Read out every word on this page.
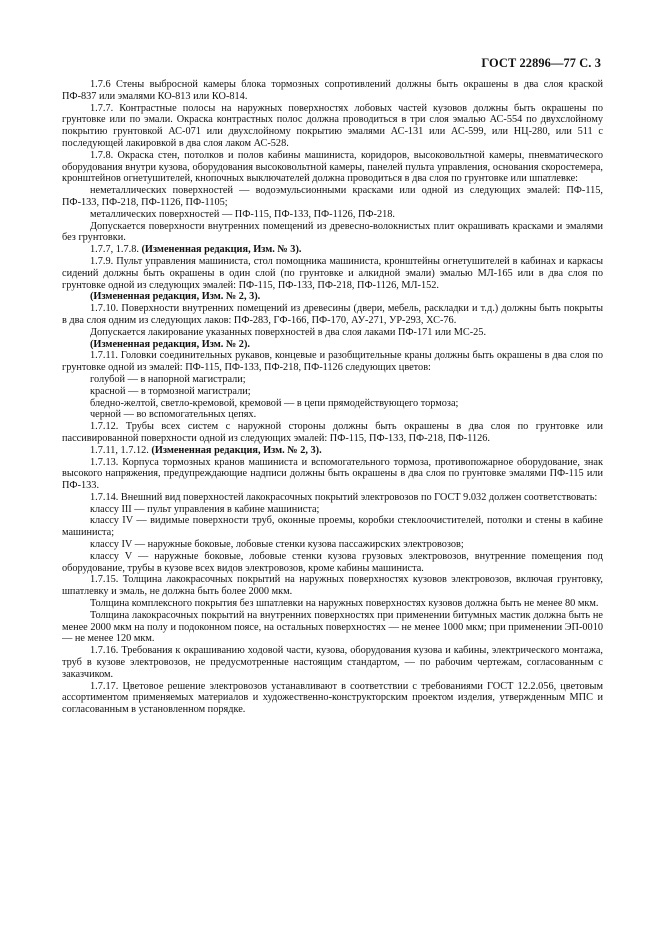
ГОСТ 22896—77 С. 3

1.7.6 Стены выбросной камеры блока тормозных сопротивлений должны быть окрашены в два слоя краской ПФ-837 или эмалями КО-813 или КО-814.

1.7.7. Контрастные полосы на наружных поверхностях лобовых частей кузовов должны быть окрашены по грунтовке или по эмали. Окраска контрастных полос должна проводиться в три слоя эмалью АС-554 по двухслойному покрытию грунтовкой АС-071 или двухслойному покрытию эмалями АС-131 или АС-599, или НЦ-280, или 511 с последующей лакировкой в два слоя лаком АС-528.

1.7.8. Окраска стен, потолков и полов кабины машиниста, коридоров, высоковольтной камеры, пневматического оборудования внутри кузова, оборудования высоковольтной камеры, панелей пульта управления, основания скоростемера, кронштейнов огнетушителей, кнопочных выключателей должна проводиться в два слоя по грунтовке или шпатлевке:

неметаллических поверхностей — водоэмульсионными красками или одной из следующих эмалей: ПФ-115, ПФ-133, ПФ-218, ПФ-1126, ПФ-1105;

металлических поверхностей — ПФ-115, ПФ-133, ПФ-1126, ПФ-218.

Допускается поверхности внутренних помещений из древесно-волокнистых плит окрашивать красками и эмалями без грунтовки.

1.7.7, 1.7.8. (Измененная редакция, Изм. № 3).

1.7.9. Пульт управления машиниста, стол помощника машиниста, кронштейны огнетушителей в кабинах и каркасы сидений должны быть окрашены в один слой (по грунтовке и алкидной эмали) эмалью МЛ-165 или в два слоя по грунтовке одной из следующих эмалей: ПФ-115, ПФ-133, ПФ-218, ПФ-1126, МЛ-152.

(Измененная редакция, Изм. № 2, 3).

1.7.10. Поверхности внутренних помещений из древесины (двери, мебель, раскладки и т.д.) должны быть покрыты в два слоя одним из следующих лаков: ПФ-283, ГФ-166, ПФ-170, АУ-271, УР-293, ХС-76.

Допускается лакирование указанных поверхностей в два слоя лаками ПФ-171 или МС-25.

(Измененная редакция, Изм. № 2).

1.7.11. Головки соединительных рукавов, концевые и разобщительные краны должны быть окрашены в два слоя по грунтовке одной из эмалей: ПФ-115, ПФ-133, ПФ-218, ПФ-1126 следующих цветов:

голубой — в напорной магистрали;

красной — в тормозной магистрали;

бледно-желтой, светло-кремовой, кремовой — в цепи прямодействующего тормоза;

черной — во вспомогательных цепях.

1.7.12. Трубы всех систем с наружной стороны должны быть окрашены в два слоя по грунтовке или пассивированной поверхности одной из следующих эмалей: ПФ-115, ПФ-133, ПФ-218, ПФ-1126.

1.7.11, 1.7.12. (Измененная редакция, Изм. № 2, 3).

1.7.13. Корпуса тормозных кранов машиниста и вспомогательного тормоза, противопожарное оборудование, знак высокого напряжения, предупреждающие надписи должны быть окрашены в два слоя по грунтовке эмалями ПФ-115 или ПФ-133.

1.7.14. Внешний вид поверхностей лакокрасочных покрытий электровозов по ГОСТ 9.032 должен соответствовать:

классу III — пульт управления в кабине машиниста;

классу IV — видимые поверхности труб, оконные проемы, коробки стеклоочистителей, потолки и стены в кабине машиниста;

классу IV — наружные боковые, лобовые стенки кузова пассажирских электровозов;

классу V — наружные боковые, лобовые стенки кузова грузовых электровозов, внутренние помещения под оборудование, трубы в кузове всех видов электровозов, кроме кабины машиниста.

1.7.15. Толщина лакокрасочных покрытий на наружных поверхностях кузовов электровозов, включая грунтовку, шпатлевку и эмаль, не должна быть более 2000 мкм.

Толщина комплексного покрытия без шпатлевки на наружных поверхностях кузовов должна быть не менее 80 мкм.

Толщина лакокрасочных покрытий на внутренних поверхностях при применении битумных мастик должна быть не менее 2000 мкм на полу и подоконном поясе, на остальных поверхностях — не менее 1000 мкм; при применении ЭП-0010 — не менее 120 мкм.

1.7.16. Требования к окрашиванию ходовой части, кузова, оборудования кузова и кабины, электрического монтажа, труб в кузове электровозов, не предусмотренные настоящим стандартом, — по рабочим чертежам, согласованным с заказчиком.

1.7.17. Цветовое решение электровозов устанавливают в соответствии с требованиями ГОСТ 12.2.056, цветовым ассортиментом применяемых материалов и художественно-конструкторским проектом изделия, утвержденным МПС и согласованным в установленном порядке.
